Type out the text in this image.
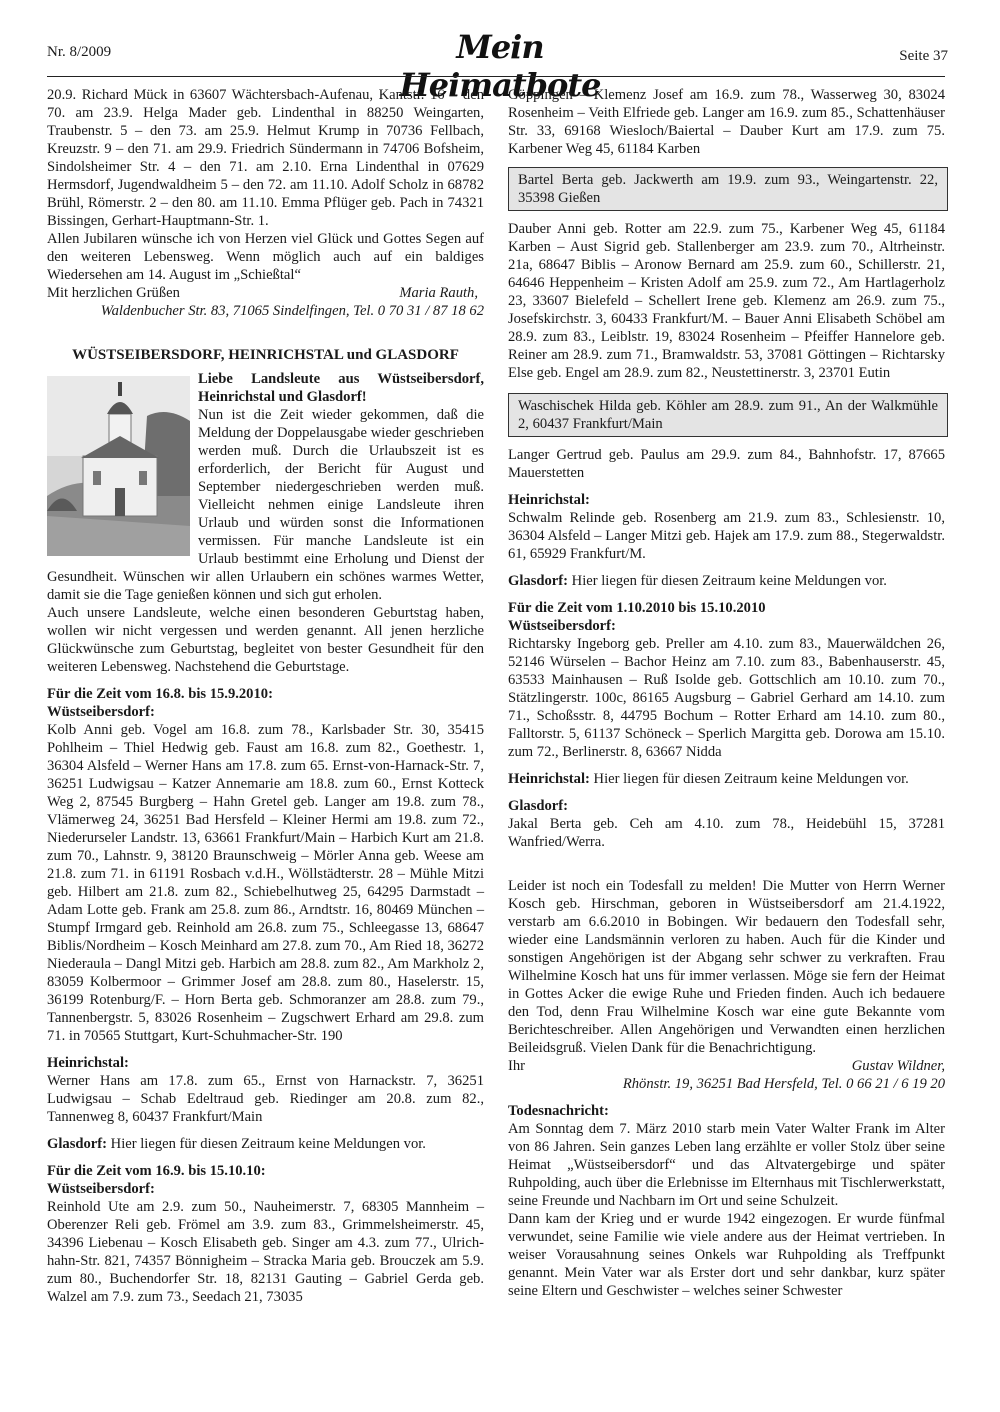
Nr. 8/2009	Mein Heimatbote
Seite 37

20.9. Richard Mück in 63607 Wächtersbach-Aufenau, Kantstr. 16 – den 70. am 23.9. Helga Mader geb. Lindenthal in 88250 Weingarten, Traubenstr. 5 – den 73. am 25.9. Helmut Krump in 70736 Fellbach, Kreuzstr. 9 – den 71. am 29.9. Friedrich Sündermann in 74706 Bofsheim, Sindolsheimer Str. 4 – den 71. am 2.10. Erna Lindenthal in 07629 Hermsdorf, Jugendwaldheim 5 – den 72. am 11.10. Adolf Scholz in 68782 Brühl, Römerstr. 2 – den 80. am 11.10. Emma Pflüger geb. Pach in 74321 Bissingen, Gerhart-Hauptmann-Str. 1.

Allen Jubilaren wünsche ich von Herzen viel Glück und Gottes Segen auf den weiteren Lebensweg. Wenn möglich auch auf ein baldiges Wiedersehen am 14. August im „Schießtal“

Mit herzlichen Grüßen	Maria Rauth,

Waldenbucher Str. 83, 71065 Sindelfingen, Tel. 0 70 31 / 87 18 62

WÜSTSEIBERSDORF, HEINRICHSTAL und GLASDORF

Liebe Landsleute aus Wüstseibersdorf, Heinrichstal und Glasdorf!

Nun ist die Zeit wieder gekommen, daß die Meldung der Doppelausgabe wieder geschrieben werden muß. Durch die Urlaubszeit ist es erforderlich, der Bericht für August und September niedergeschrieben werden muß. Vielleicht nehmen einige Landsleute ihren Urlaub und würden sonst die Informationen vermissen. Für manche Landsleute ist ein Urlaub bestimmt eine Erholung und Dienst der Gesundheit. Wünschen wir allen Urlaubern ein schönes warmes Wetter, damit sie die Tage genießen können und sich gut erholen.

Auch unsere Landsleute, welche einen besonderen Geburtstag haben, wollen wir nicht vergessen und werden genannt. All jenen herzliche Glückwünsche zum Geburtstag, begleitet von bester Gesundheit für den weiteren Lebensweg. Nachstehend die Geburtstage.

Für die Zeit vom 16.8. bis 15.9.2010:

Wüstseibersdorf:

Kolb Anni geb. Vogel am 16.8. zum 78., Karlsbader Str. 30, 35415 Pohlheim – Thiel Hedwig geb. Faust am 16.8. zum 82., Goethestr. 1, 36304 Alsfeld – Werner Hans am 17.8. zum 65. Ernst-von-Harnack-Str. 7, 36251 Ludwigsau – Katzer Annemarie am 18.8. zum 60., Ernst Kotteck Weg 2, 87545 Burgberg – Hahn Gretel geb. Langer am 19.8. zum 78., Vlämerweg 24, 36251 Bad Hersfeld – Kleiner Hermi am 19.8. zum 72., Niederurseler Landstr. 13, 63661 Frankfurt/Main – Harbich Kurt am 21.8. zum 70., Lahnstr. 9, 38120 Braunschweig – Mörler Anna geb. Weese am 21.8. zum 71. in 61191 Rosbach v.d.H., Wöllstädterstr. 28 – Mühle Mitzi geb. Hilbert am 21.8. zum 82., Schiebelhutweg 25, 64295 Darmstadt – Adam Lotte geb. Frank am 25.8. zum 86., Arndtstr. 16, 80469 München – Stumpf Irmgard geb. Reinhold am 26.8. zum 75., Schleegasse 13, 68647 Biblis/Nordheim – Kosch Meinhard am 27.8. zum 70., Am Ried 18, 36272 Niederaula – Dangl Mitzi geb. Harbich am 28.8. zum 82., Am Markholz 2, 83059 Kolbermoor – Grimmer Josef am 28.8. zum 80., Haselerstr. 15, 36199 Rotenburg/F. – Horn Berta geb. Schmoranzer am 28.8. zum 79., Tannenbergstr. 5, 83026 Rosenheim – Zugschwert Erhard am 29.8. zum 71. in 70565 Stuttgart, Kurt-Schuhmacher-Str. 190

Heinrichstal:

Werner Hans am 17.8. zum 65., Ernst von Harnackstr. 7, 36251 Ludwigsau – Schab Edeltraud geb. Riedinger am 20.8. zum 82., Tannenweg 8, 60437 Frankfurt/Main

Glasdorf: Hier liegen für diesen Zeitraum keine Meldungen vor.

Für die Zeit vom 16.9. bis 15.10.10:

Wüstseibersdorf:

Reinhold Ute am 2.9. zum 50., Nauheimerstr. 7, 68305 Mannheim – Oberenzer Reli geb. Frömel am 3.9. zum 83., Grimmelsheimerstr. 45, 34396 Liebenau – Kosch Elisabeth geb. Singer am 4.3. zum 77., Ulrich-hahn-Str. 821, 74357 Bönnigheim – Stracka Maria geb. Brouczek am 5.9. zum 80., Buchendorfer Str. 18, 82131 Gauting – Gabriel Gerda geb. Walzel am 7.9. zum 73., Seedach 21, 73035

Göppingen – Klemenz Josef am 16.9. zum 78., Wasserweg 30, 83024 Rosenheim – Veith Elfriede geb. Langer am 16.9. zum 85., Schattenhäuser Str. 33, 69168 Wiesloch/Baiertal – Dauber Kurt am 17.9. zum 75. Karbener Weg 45, 61184 Karben

Bartel Berta geb. Jackwerth am 19.9. zum 93., Weingartenstr. 22, 35398 Gießen

Dauber Anni geb. Rotter am 22.9. zum 75., Karbener Weg 45, 61184 Karben – Aust Sigrid geb. Stallenberger am 23.9. zum 70., Altrheinstr. 21a, 68647 Biblis – Aronow Bernard am 25.9. zum 60., Schillerstr. 21, 64646 Heppenheim – Kristen Adolf am 25.9. zum 72., Am Hartlagerholz 23, 33607 Bielefeld – Schellert Irene geb. Klemenz am 26.9. zum 75., Josefskirchstr. 3, 60433 Frankfurt/M. – Bauer Anni Elisabeth Schöbel am 28.9. zum 83., Leiblstr. 19, 83024 Rosenheim – Pfeiffer Hannelore geb. Reiner am 28.9. zum 71., Bramwaldstr. 53, 37081 Göttingen – Richtarsky Else geb. Engel am 28.9. zum 82., Neustettinerstr. 3, 23701 Eutin

Waschischek Hilda geb. Köhler am 28.9. zum 91., An der Walkmühle 2, 60437 Frankfurt/Main

Langer Gertrud geb. Paulus am 29.9. zum 84., Bahnhofstr. 17, 87665 Mauerstetten

Heinrichstal:

Schwalm Relinde geb. Rosenberg am 21.9. zum 83., Schlesienstr. 10, 36304 Alsfeld – Langer Mitzi geb. Hajek am 17.9. zum 88., Stegerwaldstr. 61, 65929 Frankfurt/M.

Glasdorf: Hier liegen für diesen Zeitraum keine Meldungen vor.

Für die Zeit vom 1.10.2010 bis 15.10.2010

Wüstseibersdorf:

Richtarsky Ingeborg geb. Preller am 4.10. zum 83., Mauerwäldchen 26, 52146 Würselen – Bachor Heinz am 7.10. zum 83., Babenhauserstr. 45, 63533 Mainhausen – Ruß Isolde geb. Gottschlich am 10.10. zum 70., Stätzlingerstr. 100c, 86165 Augsburg – Gabriel Gerhard am 14.10. zum 71., Schoßsstr. 8, 44795 Bochum – Rotter Erhard am 14.10. zum 80., Falltorstr. 5, 61137 Schöneck – Sperlich Margitta geb. Dorowa am 15.10. zum 72., Berlinerstr. 8, 63667 Nidda

Heinrichstal: Hier liegen für diesen Zeitraum keine Meldungen vor.

Glasdorf:

Jakal Berta geb. Ceh am 4.10. zum 78., Heidebühl 15, 37281 Wanfried/Werra.

Leider ist noch ein Todesfall zu melden! Die Mutter von Herrn Werner Kosch geb. Hirschman, geboren in Wüstseibersdorf am 21.4.1922, verstarb am 6.6.2010 in Bobingen. Wir bedauern den Todesfall sehr, wieder eine Landsmännin verloren zu haben. Auch für die Kinder und sonstigen Angehörigen ist der Abgang sehr schwer zu verkraften. Frau Wilhelmine Kosch hat uns für immer verlassen. Möge sie fern der Heimat in Gottes Acker die ewige Ruhe und Frieden finden. Auch ich bedauere den Tod, denn Frau Wilhelmine Kosch war eine gute Bekannte vom Berichteschreiber. Allen Angehörigen und Verwandten einen herzlichen Beileidsgruß. Vielen Dank für die Benachrichtigung.

Ihr	Gustav Wildner,

Rhönstr. 19, 36251 Bad Hersfeld, Tel. 0 66 21 / 6 19 20

Todesnachricht:

Am Sonntag dem 7. März 2010 starb mein Vater Walter Frank im Alter von 86 Jahren. Sein ganzes Leben lang erzählte er voller Stolz über seine Heimat „Wüstseibersdorf“ und das Altvatergebirge und später Ruhpolding, auch über die Erlebnisse im Elternhaus mit Tischlerwerkstatt, seine Freunde und Nachbarn im Ort und seine Schulzeit.

Dann kam der Krieg und er wurde 1942 eingezogen. Er wurde fünfmal verwundet, seine Familie wie viele andere aus der Heimat vertrieben. In weiser Vorausahnung seines Onkels war Ruhpolding als Treffpunkt genannt. Mein Vater war als Erster dort und sehr dankbar, kurz später seine Eltern und Geschwister – welches seiner Schwester
